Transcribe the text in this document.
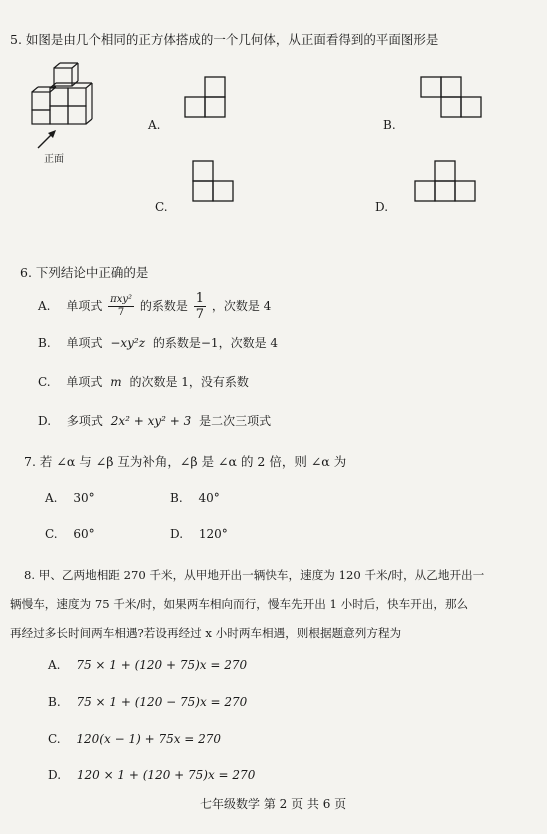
5. 如图是由几个相同的正方体搭成的一个几何体，从正面看得到的平面图形是
正面
A.	B.
C.	D.
6. 下列结论中正确的是
A. 单项式 $\frac{\text{πxy²}}{7}$ 的系数是 $\frac{1}{7}$ ，次数是 4
B. 单项式 −xy²z 的系数是−1，次数是 4
C. 单项式 m 的次数是 1，没有系数
D. 多项式 2x² + xy² + 3 是二次三项式
7. 若 ∠α 与 ∠β 互为补角，∠β 是 ∠α 的 2 倍，则 ∠α 为
A. 30°	B. 40°
C. 60°	D. 120°
8. 甲、乙两地相距 270 千米，从甲地开出一辆快车，速度为 120 千米/时，从乙地开出一
辆慢车，速度为 75 千米/时，如果两车相向而行，慢车先开出 1 小时后，快车开出，那么
再经过多长时间两车相遇?若设再经过 x 小时两车相遇，则根据题意列方程为
A. 75 × 1 + (120 + 75)x = 270
B. 75 × 1 + (120 − 75)x = 270
C. 120(x − 1) + 75x = 270
D. 120 × 1 + (120 + 75)x = 270
七年级数学 第 2 页 共 6 页
